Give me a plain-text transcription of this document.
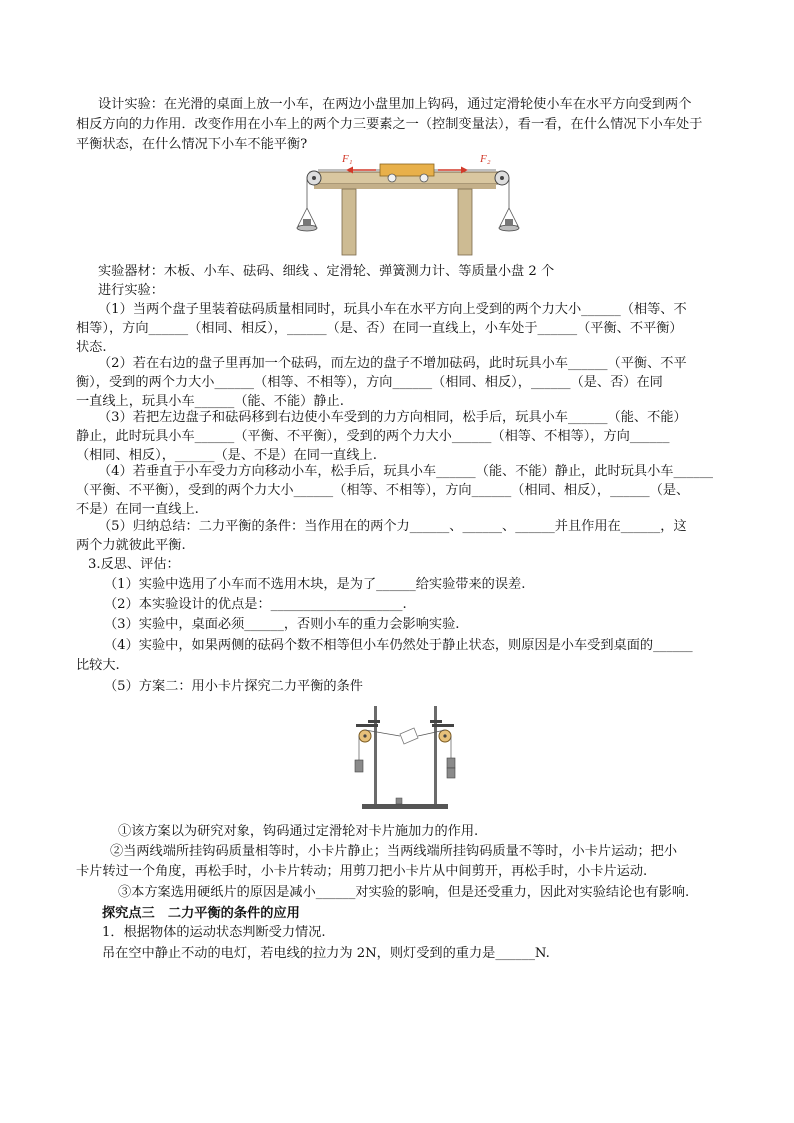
设计实验：在光滑的桌面上放一小车，在两边小盘里加上钩码，通过定滑轮使小车在水平方向受到两个
相反方向的力作用．改变作用在小车上的两个力三要素之一（控制变量法），看一看，在什么情况下小车处于
平衡状态，在什么情况下小车不能平衡?
F₁	F₂
实验器材：木板、小车、砝码、细线 、定滑轮、弹簧测力计、等质量小盘 2 个
进行实验：
（1）当两个盘子里装着砝码质量相同时，玩具小车在水平方向上受到的两个力大小______（相等、不
相等），方向______（相同、相反），______（是、否）在同一直线上，小车处于______（平衡、不平衡）
状态.
（2）若在右边的盘子里再加一个砝码，而左边的盘子不增加砝码，此时玩具小车______（平衡、不平
衡），受到的两个力大小______（相等、不相等），方向______（相同、相反），______（是、否）在同
一直线上，玩具小车______（能、不能）静止.
（3）若把左边盘子和砝码移到右边使小车受到的力方向相同，松手后，玩具小车______（能、不能）
静止，此时玩具小车______（平衡、不平衡），受到的两个力大小______（相等、不相等），方向______
（相同、相反），______（是、不是）在同一直线上.
（4）若垂直于小车受力方向移动小车，松手后，玩具小车______（能、不能）静止，此时玩具小车______
（平衡、不平衡），受到的两个力大小______（相等、不相等），方向______（相同、相反），______（是、
不是）在同一直线上.
（5）归纳总结：二力平衡的条件：当作用在的两个力______、______、______并且作用在______，这
两个力就彼此平衡.
3.反思、评估：
（1）实验中选用了小车而不选用木块，是为了______给实验带来的误差.
（2）本实验设计的优点是：____________________.
（3）实验中，桌面必须______，否则小车的重力会影响实验.
（4）实验中，如果两侧的砝码个数不相等但小车仍然处于静止状态，则原因是小车受到桌面的______
比较大.
（5）方案二：用小卡片探究二力平衡的条件
①该方案以为研究对象，钩码通过定滑轮对卡片施加力的作用.
②当两线端所挂钩码质量相等时，小卡片静止；当两线端所挂钩码质量不等时，小卡片运动；把小
卡片转过一个角度，再松手时，小卡片转动；用剪刀把小卡片从中间剪开，再松手时，小卡片运动.
③本方案选用硬纸片的原因是减小______对实验的影响，但是还受重力，因此对实验结论也有影响.
探究点三　二力平衡的条件的应用
1．根据物体的运动状态判断受力情况.
吊在空中静止不动的电灯，若电线的拉力为 2N，则灯受到的重力是______N.
